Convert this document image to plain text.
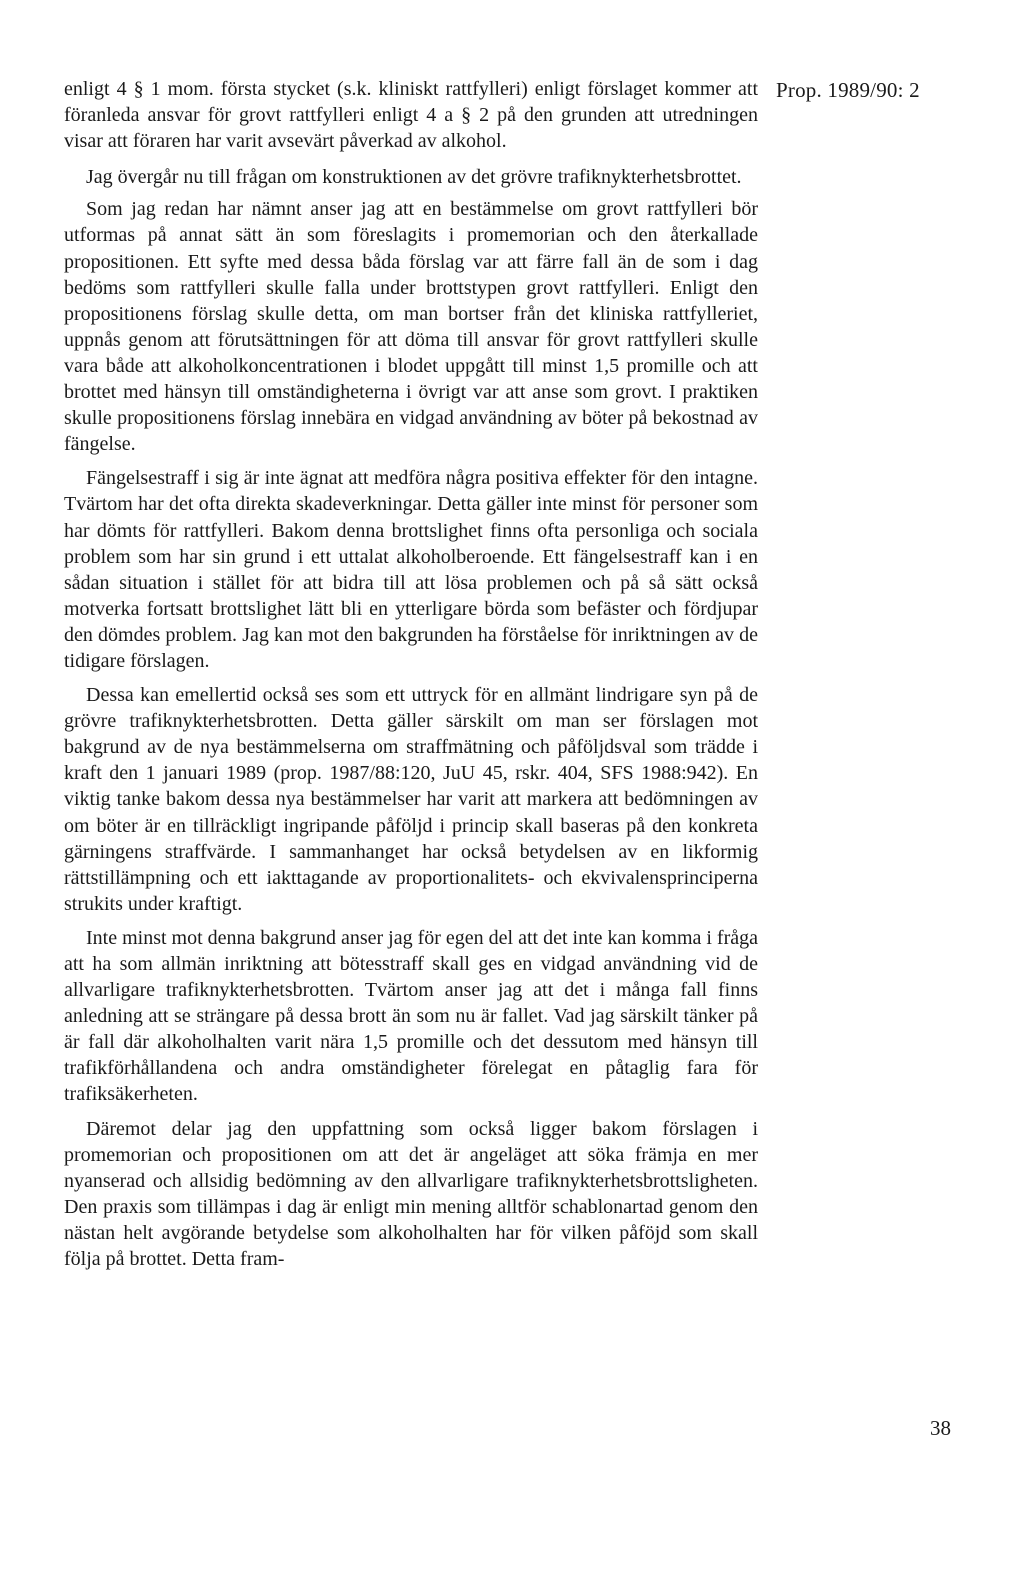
Prop. 1989/90: 2

enligt 4 § 1 mom. första stycket (s.k. kliniskt rattfylleri) enligt förslaget kommer att föranleda ansvar för grovt rattfylleri enligt 4 a § 2 på den grunden att utredningen visar att föraren har varit avsevärt påverkad av alkohol.

Jag övergår nu till frågan om konstruktionen av det grövre trafiknykterhetsbrottet.

Som jag redan har nämnt anser jag att en bestämmelse om grovt rattfylleri bör utformas på annat sätt än som föreslagits i promemorian och den återkallade propositionen. Ett syfte med dessa båda förslag var att färre fall än de som i dag bedöms som rattfylleri skulle falla under brottstypen grovt rattfylleri. Enligt den propositionens förslag skulle detta, om man bortser från det kliniska rattfylleriet, uppnås genom att förutsättningen för att döma till ansvar för grovt rattfylleri skulle vara både att alkoholkoncentrationen i blodet uppgått till minst 1,5 promille och att brottet med hänsyn till omständigheterna i övrigt var att anse som grovt. I praktiken skulle propositionens förslag innebära en vidgad användning av böter på bekostnad av fängelse.

Fängelsestraff i sig är inte ägnat att medföra några positiva effekter för den intagne. Tvärtom har det ofta direkta skadeverkningar. Detta gäller inte minst för personer som har dömts för rattfylleri. Bakom denna brottslighet finns ofta personliga och sociala problem som har sin grund i ett uttalat alkoholberoende. Ett fängelsestraff kan i en sådan situation i stället för att bidra till att lösa problemen och på så sätt också motverka fortsatt brottslighet lätt bli en ytterligare börda som befäster och fördjupar den dömdes problem. Jag kan mot den bakgrunden ha förståelse för inriktningen av de tidigare förslagen.

Dessa kan emellertid också ses som ett uttryck för en allmänt lindrigare syn på de grövre trafiknykterhetsbrotten. Detta gäller särskilt om man ser förslagen mot bakgrund av de nya bestämmelserna om straffmätning och påföljdsval som trädde i kraft den 1 januari 1989 (prop. 1987/88:120, JuU 45, rskr. 404, SFS 1988:942). En viktig tanke bakom dessa nya bestämmelser har varit att markera att bedömningen av om böter är en tillräckligt ingripande påföljd i princip skall baseras på den konkreta gärningens straffvärde. I sammanhanget har också betydelsen av en likformig rättstillämpning och ett iakttagande av proportionalitets- och ekvivalensprinciperna strukits under kraftigt.

Inte minst mot denna bakgrund anser jag för egen del att det inte kan komma i fråga att ha som allmän inriktning att bötesstraff skall ges en vidgad användning vid de allvarligare trafiknykterhetsbrotten. Tvärtom anser jag att det i många fall finns anledning att se strängare på dessa brott än som nu är fallet. Vad jag särskilt tänker på är fall där alkoholhalten varit nära 1,5 promille och det dessutom med hänsyn till trafikförhållandena och andra omständigheter förelegat en påtaglig fara för trafiksäkerheten.

Däremot delar jag den uppfattning som också ligger bakom förslagen i promemorian och propositionen om att det är angeläget att söka främja en mer nyanserad och allsidig bedömning av den allvarligare trafiknykterhetsbrottsligheten. Den praxis som tillämpas i dag är enligt min mening alltför schablonartad genom den nästan helt avgörande betydelse som alkoholhalten har för vilken påföjd som skall följa på brottet. Detta fram-

38
